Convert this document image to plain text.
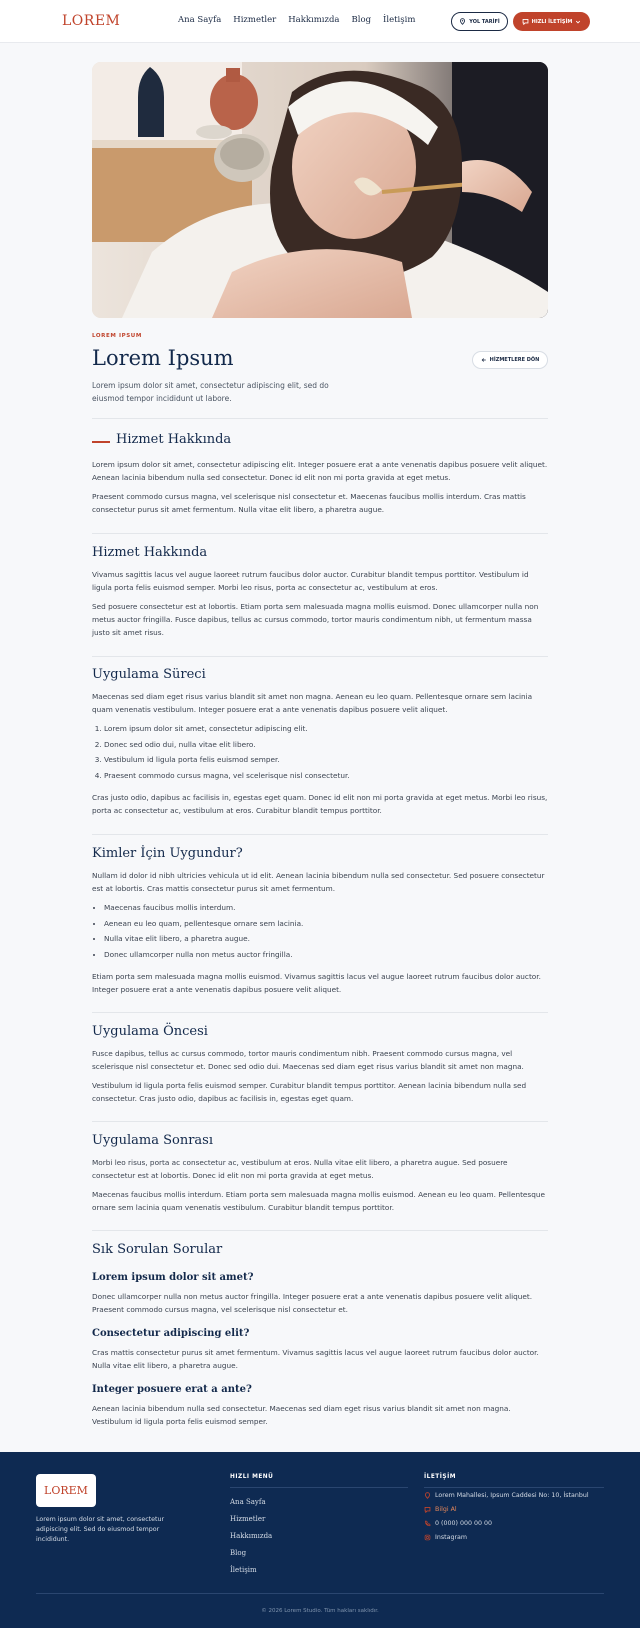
LOREM	Ana Sayfa Hizmetler Hakkımızda Blog İletişim	YOL TARİFİ	HIZLI İLETİŞİM
LOREM IPSUM
Lorem Ipsum
Lorem ipsum dolor sit amet, consectetur adipiscing elit, sed do eiusmod tempor incididunt ut labore.
HİZMETLERE DÖN
Hizmet Hakkında
Lorem ipsum dolor sit amet, consectetur adipiscing elit. Integer posuere erat a ante venenatis dapibus posuere velit aliquet. Aenean lacinia bibendum nulla sed consectetur. Donec id elit non mi porta gravida at eget metus.
Praesent commodo cursus magna, vel scelerisque nisl consectetur et. Maecenas faucibus mollis interdum. Cras mattis consectetur purus sit amet fermentum. Nulla vitae elit libero, a pharetra augue.
Hizmet Hakkında
Vivamus sagittis lacus vel augue laoreet rutrum faucibus dolor auctor. Curabitur blandit tempus porttitor. Vestibulum id ligula porta felis euismod semper. Morbi leo risus, porta ac consectetur ac, vestibulum at eros.
Sed posuere consectetur est at lobortis. Etiam porta sem malesuada magna mollis euismod. Donec ullamcorper nulla non metus auctor fringilla. Fusce dapibus, tellus ac cursus commodo, tortor mauris condimentum nibh, ut fermentum massa justo sit amet risus.
Uygulama Süreci
Maecenas sed diam eget risus varius blandit sit amet non magna. Aenean eu leo quam. Pellentesque ornare sem lacinia quam venenatis vestibulum. Integer posuere erat a ante venenatis dapibus posuere velit aliquet.
1. Lorem ipsum dolor sit amet, consectetur adipiscing elit.
2. Donec sed odio dui, nulla vitae elit libero.
3. Vestibulum id ligula porta felis euismod semper.
4. Praesent commodo cursus magna, vel scelerisque nisl consectetur.
Cras justo odio, dapibus ac facilisis in, egestas eget quam. Donec id elit non mi porta gravida at eget metus. Morbi leo risus, porta ac consectetur ac, vestibulum at eros. Curabitur blandit tempus porttitor.
Kimler İçin Uygundur?
Nullam id dolor id nibh ultricies vehicula ut id elit. Aenean lacinia bibendum nulla sed consectetur. Sed posuere consectetur est at lobortis. Cras mattis consectetur purus sit amet fermentum.
• Maecenas faucibus mollis interdum.
• Aenean eu leo quam, pellentesque ornare sem lacinia.
• Nulla vitae elit libero, a pharetra augue.
• Donec ullamcorper nulla non metus auctor fringilla.
Etiam porta sem malesuada magna mollis euismod. Vivamus sagittis lacus vel augue laoreet rutrum faucibus dolor auctor. Integer posuere erat a ante venenatis dapibus posuere velit aliquet.
Uygulama Öncesi
Fusce dapibus, tellus ac cursus commodo, tortor mauris condimentum nibh. Praesent commodo cursus magna, vel scelerisque nisl consectetur et. Donec sed odio dui. Maecenas sed diam eget risus varius blandit sit amet non magna.
Vestibulum id ligula porta felis euismod semper. Curabitur blandit tempus porttitor. Aenean lacinia bibendum nulla sed consectetur. Cras justo odio, dapibus ac facilisis in, egestas eget quam.
Uygulama Sonrası
Morbi leo risus, porta ac consectetur ac, vestibulum at eros. Nulla vitae elit libero, a pharetra augue. Sed posuere consectetur est at lobortis. Donec id elit non mi porta gravida at eget metus.
Maecenas faucibus mollis interdum. Etiam porta sem malesuada magna mollis euismod. Aenean eu leo quam. Pellentesque ornare sem lacinia quam venenatis vestibulum. Curabitur blandit tempus porttitor.
Sık Sorulan Sorular
Lorem ipsum dolor sit amet?
Donec ullamcorper nulla non metus auctor fringilla. Integer posuere erat a ante venenatis dapibus posuere velit aliquet. Praesent commodo cursus magna, vel scelerisque nisl consectetur et.
Consectetur adipiscing elit?
Cras mattis consectetur purus sit amet fermentum. Vivamus sagittis lacus vel augue laoreet rutrum faucibus dolor auctor. Nulla vitae elit libero, a pharetra augue.
Integer posuere erat a ante?
Aenean lacinia bibendum nulla sed consectetur. Maecenas sed diam eget risus varius blandit sit amet non magna. Vestibulum id ligula porta felis euismod semper.
LOREM
Lorem ipsum dolor sit amet, consectetur adipiscing elit. Sed do eiusmod tempor incididunt.
HIZLI MENÜ
Ana Sayfa
Hizmetler
Hakkımızda
Blog
İletişim
İLETİŞİM
Lorem Mahallesi, Ipsum Caddesi No: 10, İstanbul
Bilgi Al
0 (000) 000 00 00
Instagram
© 2026 Lorem Studio. Tüm hakları saklıdır.
